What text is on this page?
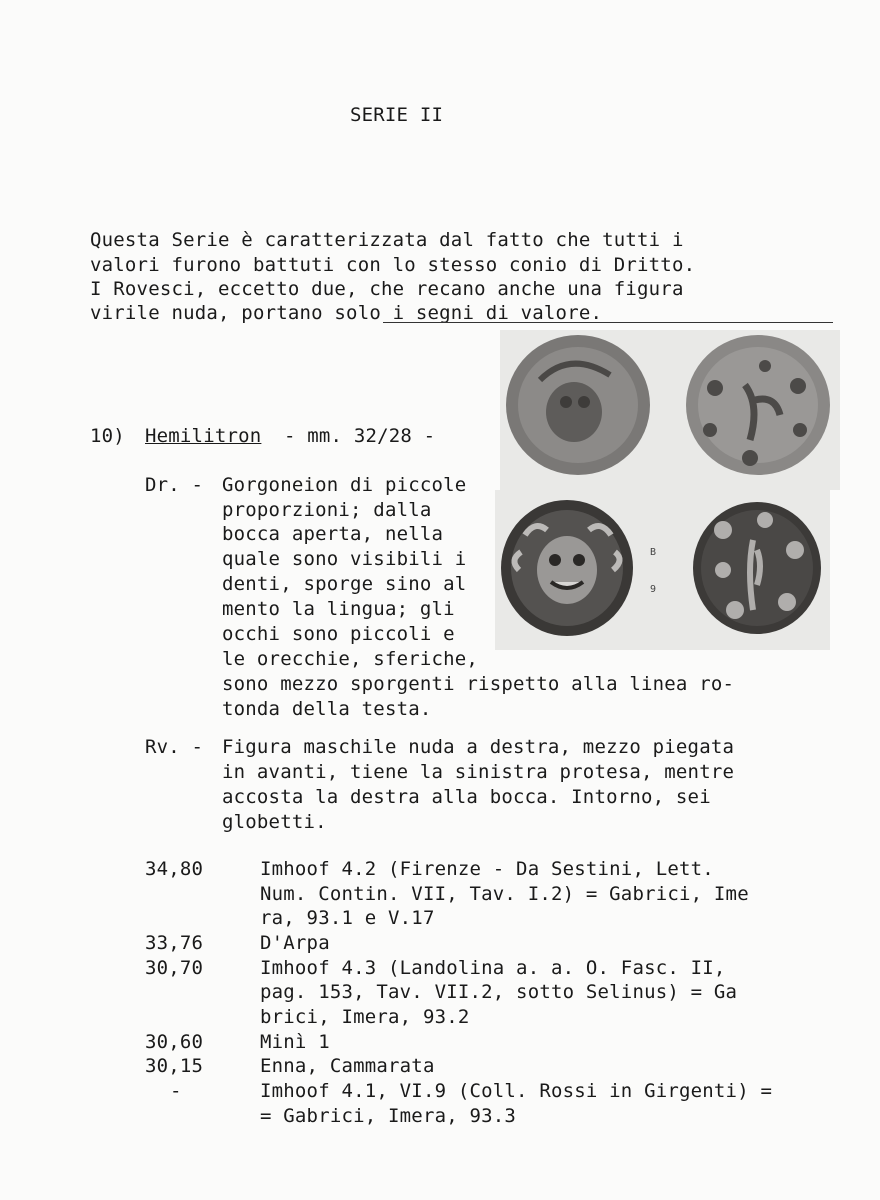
SERIE II
Questa Serie è caratterizzata dal fatto che tutti i
valori furono battuti con lo stesso conio di Dritto.
I Rovesci, eccetto due, che recano anche una figura
virile nuda, portano solo i segni di valore.
B
9
10) Hemilitron - mm. 32/28 -
Dr. - Gorgoneion di piccole
proporzioni; dalla
bocca aperta, nella
quale sono visibili i
denti, sporge sino al
mento la lingua; gli
occhi sono piccoli e
le orecchie, sferiche,
sono mezzo sporgenti rispetto alla linea ro-
tonda della testa.
Rv. - Figura maschile nuda a destra, mezzo piegata
in avanti, tiene la sinistra protesa, mentre
accosta la destra alla bocca. Intorno, sei
globetti.
34,80	Imhoof 4.2 (Firenze - Da Sestini, Lett.
Num. Contin. VII, Tav. I.2) = Gabrici, Ime
ra, 93.1 e V.17
33,76	D'Arpa
30,70	Imhoof 4.3 (Landolina a. a. O. Fasc. II,
pag. 153, Tav. VII.2, sotto Selinus) = Ga
brici, Imera, 93.2
30,60	Minì 1
30,15	Enna, Cammarata
-	Imhoof 4.1, VI.9 (Coll. Rossi in Girgenti) =
= Gabrici, Imera, 93.3
